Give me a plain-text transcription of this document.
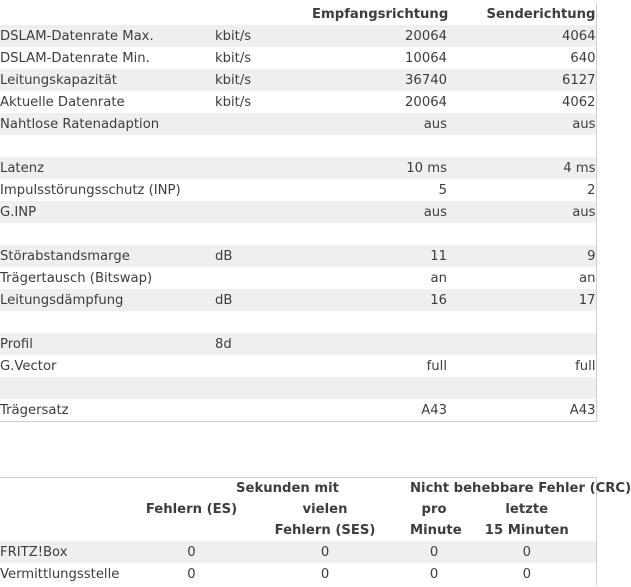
		Empfangsrichtung	Senderichtung
DSLAM-Datenrate Max.	kbit/s	20064	4064
DSLAM-Datenrate Min.	kbit/s	10064	640
Leitungskapazität	kbit/s	36740	6127
Aktuelle Datenrate	kbit/s	20064	4062
Nahtlose Ratenadaption		aus	aus

Latenz		10 ms	4 ms
Impulsstörungsschutz (INP)		5	2
G.INP		aus	aus

Störabstandsmarge	dB	11	9
Trägertausch (Bitswap)		an	an
Leitungsdämpfung	dB	16	17

Profil	8d		
G.Vector		full	full

Trägersatz		A43	A43
	Sekunden mit		Nicht behebbare Fehler (CRC)	
	Fehlern (ES)	vielen	pro	letzte
		Fehlern (SES)	Minute	15 Minuten
FRITZ!Box	0	0	0	0
Vermittlungsstelle	0	0	0	0
